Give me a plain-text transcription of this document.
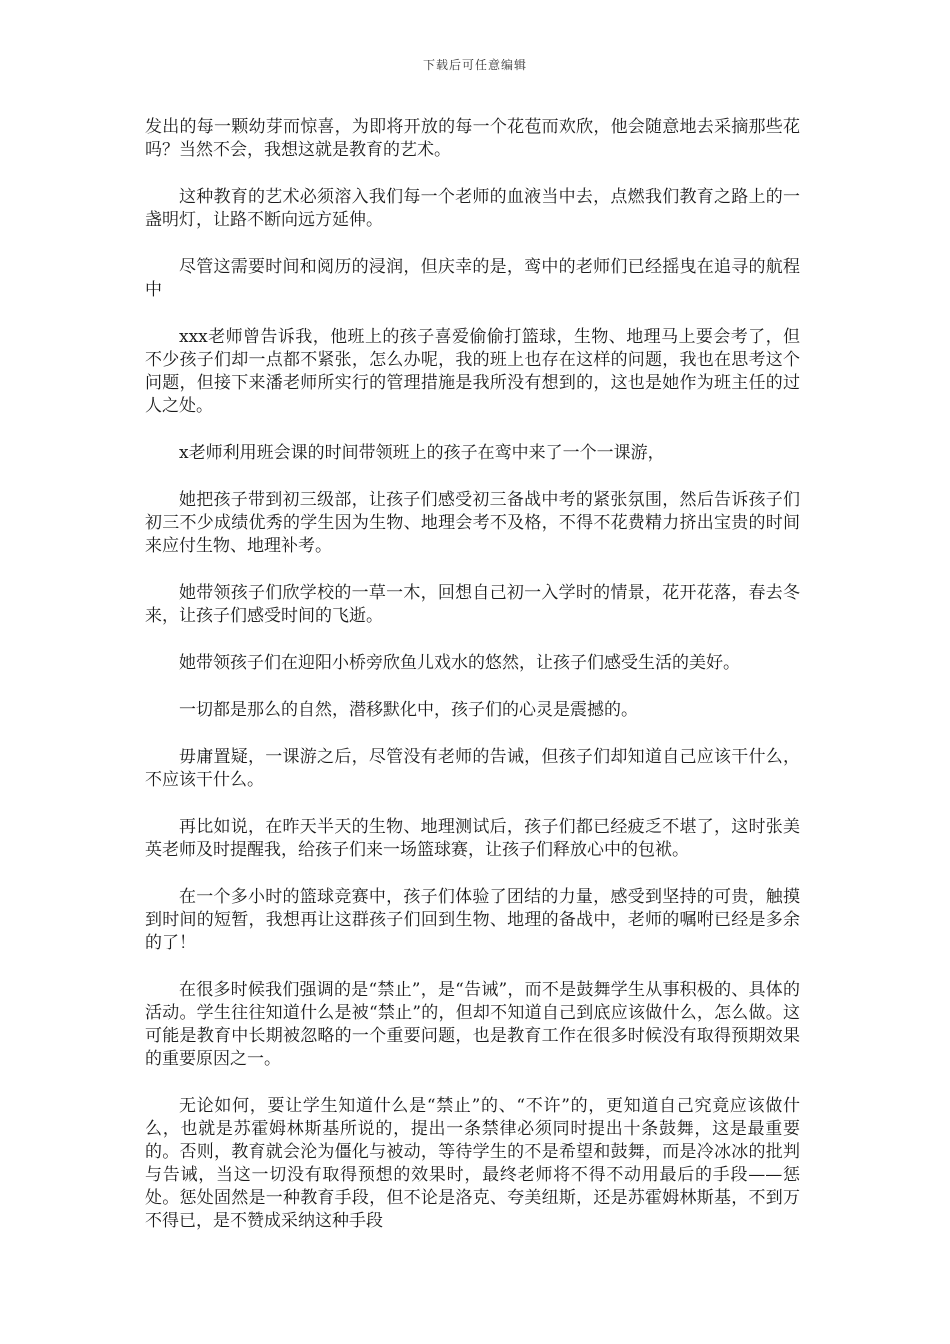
下载后可任意编辑

发出的每一颗幼芽而惊喜，为即将开放的每一个花苞而欢欣，他会随意地去采摘那些花吗？当然不会，我想这就是教育的艺术。

这种教育的艺术必须溶入我们每一个老师的血液当中去，点燃我们教育之路上的一盏明灯，让路不断向远方延伸。

尽管这需要时间和阅历的浸润，但庆幸的是，鸾中的老师们已经摇曳在追寻的航程中

xxx老师曾告诉我，他班上的孩子喜爱偷偷打篮球，生物、地理马上要会考了，但不少孩子们却一点都不紧张，怎么办呢，我的班上也存在这样的问题，我也在思考这个问题，但接下来潘老师所实行的管理措施是我所没有想到的，这也是她作为班主任的过人之处。

x老师利用班会课的时间带领班上的孩子在鸾中来了一个一课游，

她把孩子带到初三级部，让孩子们感受初三备战中考的紧张氛围，然后告诉孩子们初三不少成绩优秀的学生因为生物、地理会考不及格，不得不花费精力挤出宝贵的时间来应付生物、地理补考。

她带领孩子们欣学校的一草一木，回想自己初一入学时的情景，花开花落，春去冬来，让孩子们感受时间的飞逝。

她带领孩子们在迎阳小桥旁欣鱼儿戏水的悠然，让孩子们感受生活的美好。

一切都是那么的自然，潜移默化中，孩子们的心灵是震撼的。

毋庸置疑，一课游之后，尽管没有老师的告诫，但孩子们却知道自己应该干什么，不应该干什么。

再比如说，在昨天半天的生物、地理测试后，孩子们都已经疲乏不堪了，这时张美英老师及时提醒我，给孩子们来一场篮球赛，让孩子们释放心中的包袱。

在一个多小时的篮球竞赛中，孩子们体验了团结的力量，感受到坚持的可贵，触摸到时间的短暂，我想再让这群孩子们回到生物、地理的备战中，老师的嘱咐已经是多余的了！

在很多时候我们强调的是“禁止”，是“告诫”，而不是鼓舞学生从事积极的、具体的活动。学生往往知道什么是被“禁止”的，但却不知道自己到底应该做什么，怎么做。这可能是教育中长期被忽略的一个重要问题，也是教育工作在很多时候没有取得预期效果的重要原因之一。

无论如何，要让学生知道什么是“禁止”的、“不许”的，更知道自己究竟应该做什么，也就是苏霍姆林斯基所说的，提出一条禁律必须同时提出十条鼓舞，这是最重要的。否则，教育就会沦为僵化与被动，等待学生的不是希望和鼓舞，而是冷冰冰的批判与告诫，当这一切没有取得预想的效果时，最终老师将不得不动用最后的手段——惩处。惩处固然是一种教育手段，但不论是洛克、夸美纽斯，还是苏霍姆林斯基，不到万不得已，是不赞成采纳这种手段
